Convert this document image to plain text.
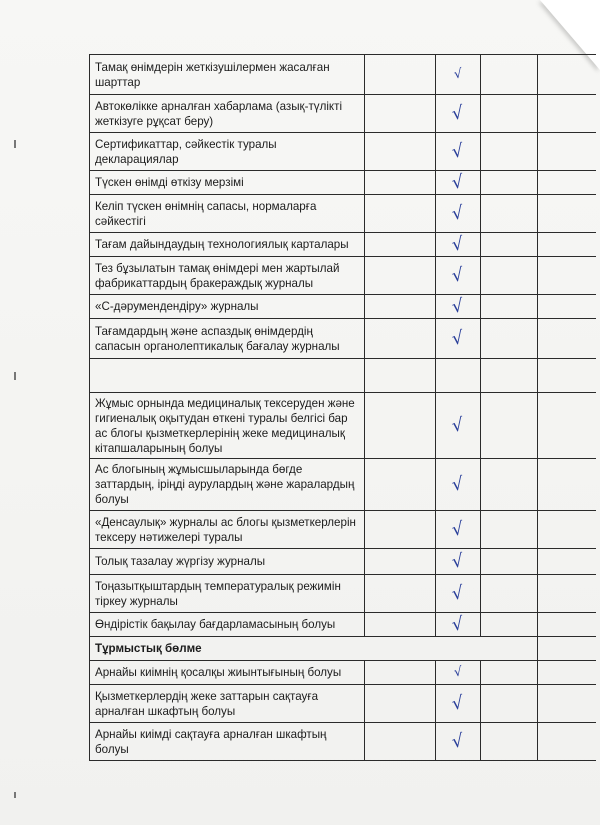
Тамақ өнімдерін жеткізушілермен жасалған шарттар		√		
Автокөлікке арналған хабарлама (азық-түлікті жеткізуге рұқсат беру)		√		
Сертификаттар, сәйкестік туралы декларациялар		√		
Түскен өнімді өткізу мерзімі		√		
Келіп түскен өнімнің сапасы, нормаларға сәйкестігі		√		
Тағам дайындаудың технологиялық карталары		√		
Тез бұзылатын тамақ өнімдері мен жартылай фабрикаттардың бракераждық журналы		√		
«С-дәрумендендіру» журналы		√		
Тағамдардың және аспаздық өнімдердің сапасын органолептикалық бағалау журналы		√		

Жұмыс орнында медициналық тексеруден және гигиеналық оқытудан өткені туралы белгісі бар ас блогы қызметкерлерінің жеке медициналық кітапшаларының болуы		√		
Ас блогының жұмысшыларында бөгде заттардың, іріңді аурулардың және жаралардың болуы		√		
«Денсаулық» журналы ас блогы қызметкерлерін тексеру нәтижелері туралы		√		
Толық тазалау жүргізу журналы		√		
Тоңазытқыштардың температуралық режимін тіркеу журналы		√		
Өндірістік бақылау бағдарламасының болуы		√		
Тұрмыстық бөлме				
Арнайы киімнің қосалқы жиынтығының болуы		√		
Қызметкерлердің жеке заттарын сақтауға арналған шкафтың болуы		√		
Арнайы киімді сақтауға арналған шкафтың болуы		√		
